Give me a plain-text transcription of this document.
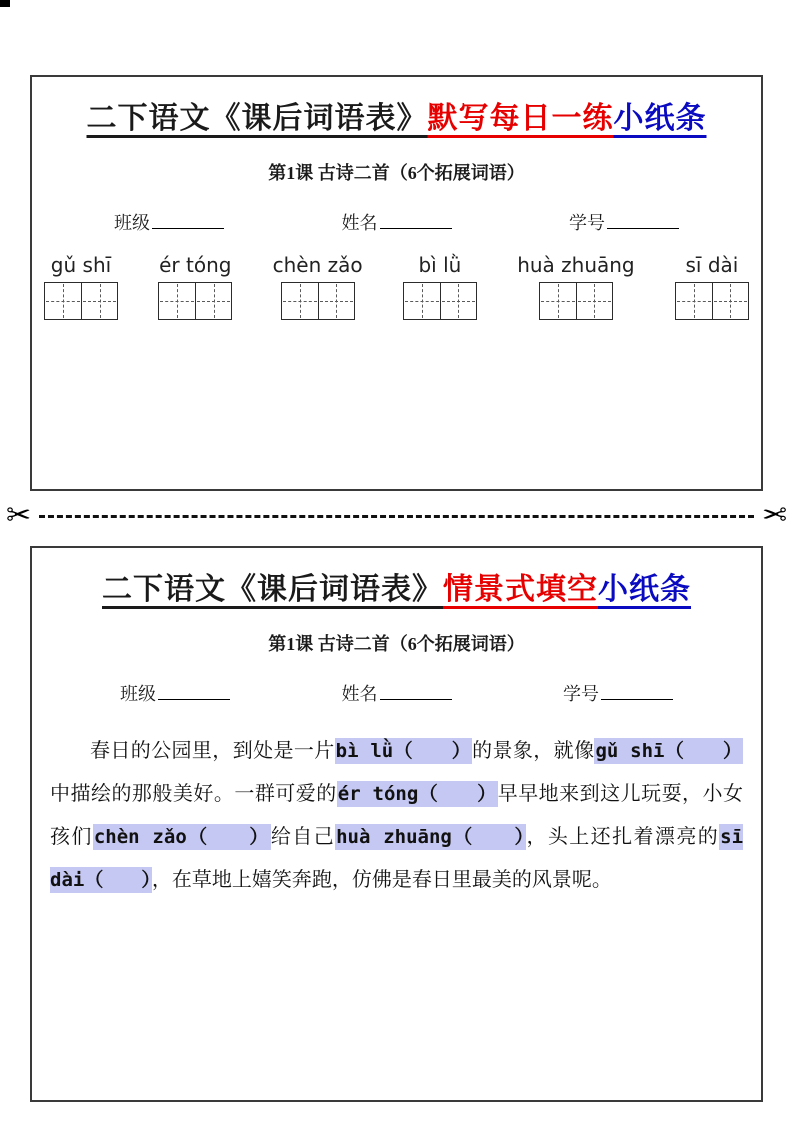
二下语文《课后词语表》默写每日一练小纸条
第1课 古诗二首（6个拓展词语）
班级	姓名	学号
gǔ shī ér tóng chèn zǎo	bì lǜ	huà zhuāng	sī dài
✂	✂
二下语文《课后词语表》情景式填空小纸条
第1课 古诗二首（6个拓展词语）
班级	姓名	学号

春日的公园里，到处是一片bì lǜ（　　）的景象，就像gǔ shī（　　）中描绘的那般美好。一群可爱的ér tóng（　　）早早地来到这儿玩耍，小女孩们chèn zǎo（　　）给自己huà zhuāng（　　），头上还扎着漂亮的sī dài（　　），在草地上嬉笑奔跑，仿佛是春日里最美的风景呢。
